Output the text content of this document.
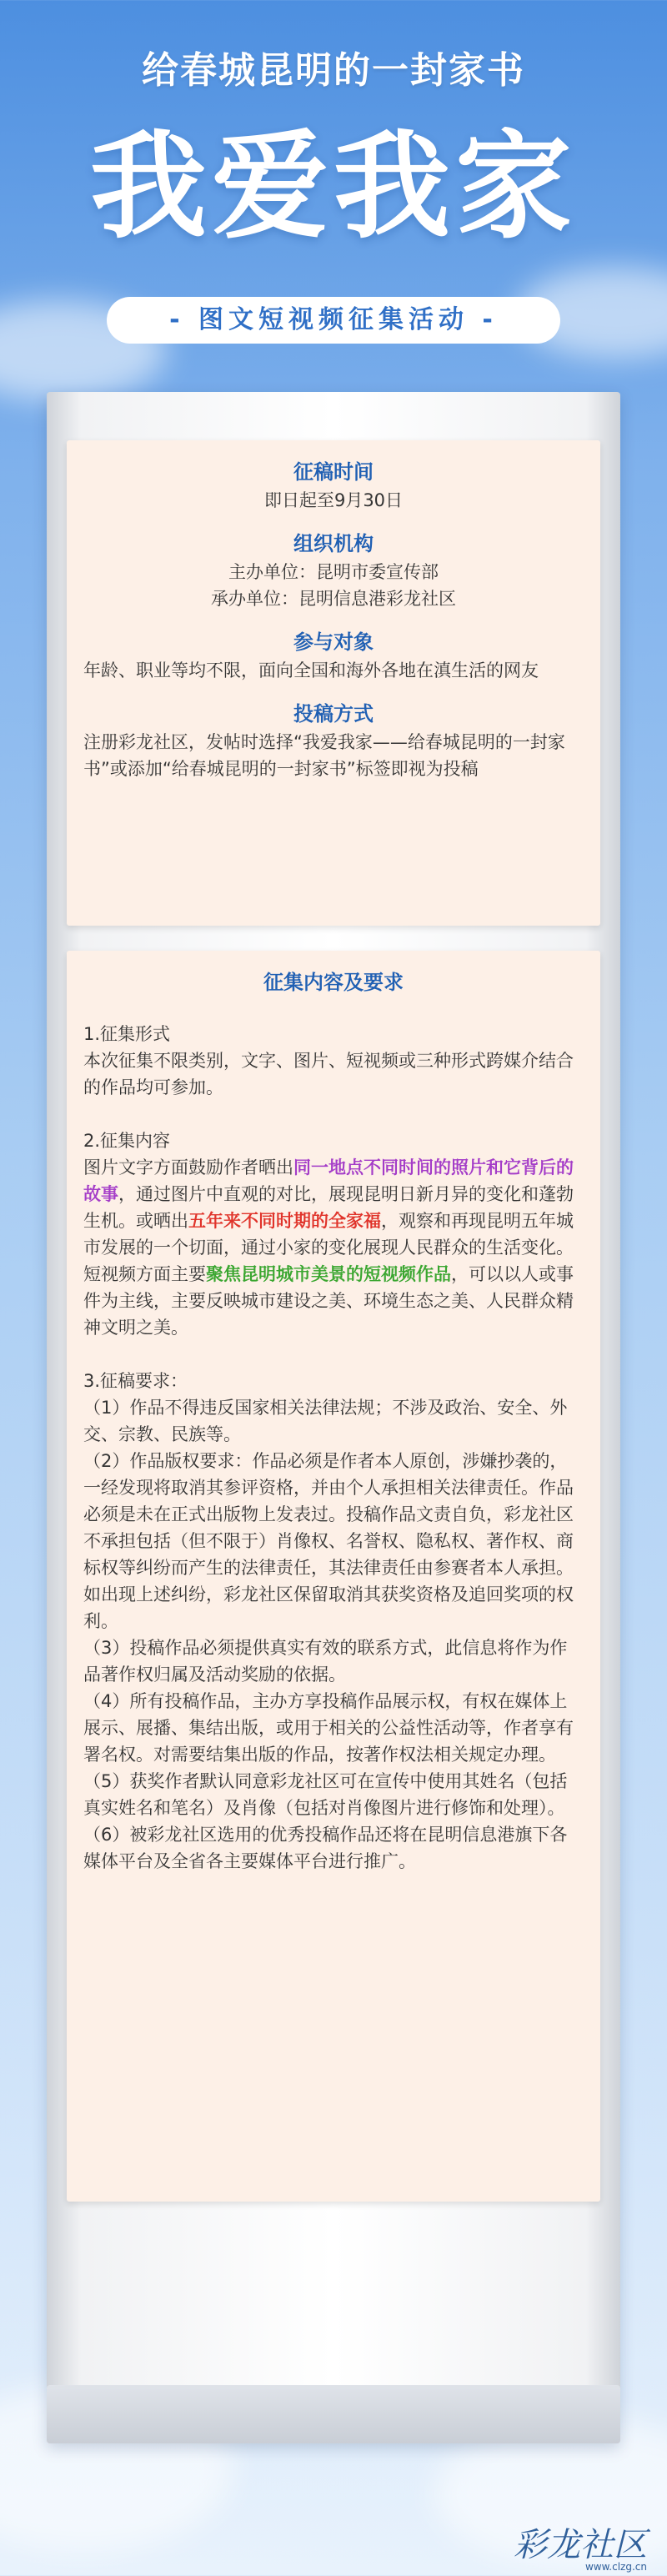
给春城昆明的一封家书
我爱我家
- 图文短视频征集活动 -
征稿时间
即日起至9月30日
组织机构
主办单位：昆明市委宣传部
承办单位：昆明信息港彩龙社区
参与对象
年龄、职业等均不限，面向全国和海外各地在滇生活的网友
投稿方式
注册彩龙社区，发帖时选择“我爱我家——给春城昆明的一封家书”或添加“给春城昆明的一封家书”标签即视为投稿
征集内容及要求
1.征集形式
本次征集不限类别，文字、图片、短视频或三种形式跨媒介结合的作品均可参加。
2.征集内容
图片文字方面鼓励作者晒出同一地点不同时间的照片和它背后的故事，通过图片中直观的对比，展现昆明日新月异的变化和蓬勃生机。或晒出五年来不同时期的全家福，观察和再现昆明五年城市发展的一个切面，通过小家的变化展现人民群众的生活变化。
短视频方面主要聚焦昆明城市美景的短视频作品，可以以人或事件为主线，主要反映城市建设之美、环境生态之美、人民群众精神文明之美。
3.征稿要求：
（1）作品不得违反国家相关法律法规；不涉及政治、安全、外交、宗教、民族等。
（2）作品版权要求：作品必须是作者本人原创，涉嫌抄袭的，一经发现将取消其参评资格，并由个人承担相关法律责任。作品必须是未在正式出版物上发表过。投稿作品文责自负，彩龙社区不承担包括（但不限于）肖像权、名誉权、隐私权、著作权、商标权等纠纷而产生的法律责任，其法律责任由参赛者本人承担。如出现上述纠纷，彩龙社区保留取消其获奖资格及追回奖项的权利。
（3）投稿作品必须提供真实有效的联系方式，此信息将作为作品著作权归属及活动奖励的依据。
（4）所有投稿作品，主办方享投稿作品展示权，有权在媒体上展示、展播、集结出版，或用于相关的公益性活动等，作者享有署名权。对需要结集出版的作品，按著作权法相关规定办理。
（5）获奖作者默认同意彩龙社区可在宣传中使用其姓名（包括真实姓名和笔名）及肖像（包括对肖像图片进行修饰和处理）。
（6）被彩龙社区选用的优秀投稿作品还将在昆明信息港旗下各媒体平台及全省各主要媒体平台进行推广。
彩龙社区
www.clzg.cn
